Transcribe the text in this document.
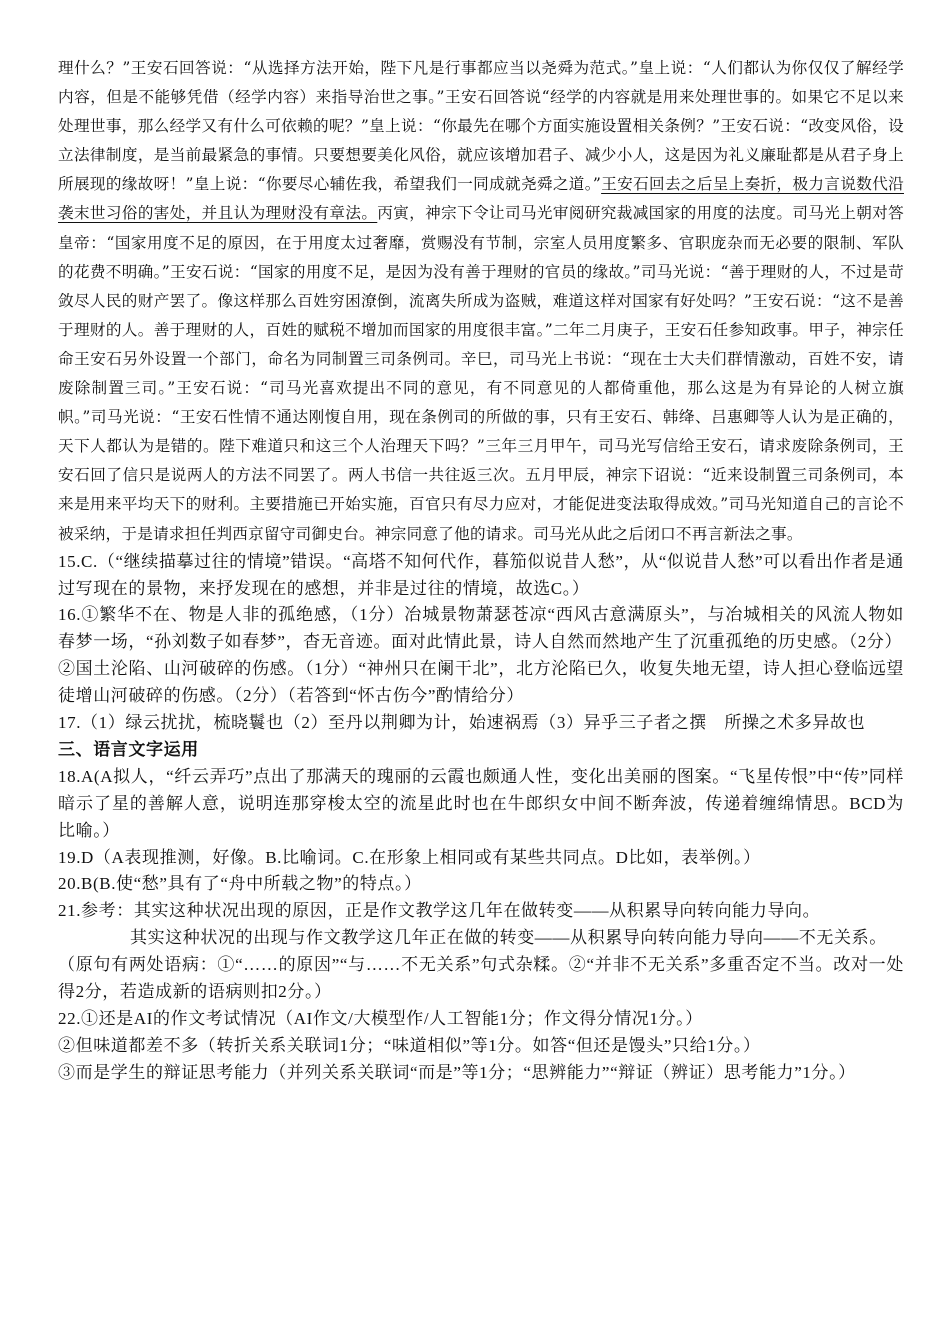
理什么？”王安石回答说：“从选择方法开始，陛下凡是行事都应当以尧舜为范式。”皇上说：“人们都认为你仅仅了解经学内容，但是不能够凭借（经学内容）来指导治世之事。”王安石回答说“经学的内容就是用来处理世事的。如果它不足以来处理世事，那么经学又有什么可依赖的呢？”皇上说：“你最先在哪个方面实施设置相关条例？”王安石说：“改变风俗，设立法律制度，是当前最紧急的事情。只要想要美化风俗，就应该增加君子、减少小人，这是因为礼义廉耻都是从君子身上所展现的缘故呀！”皇上说：“你要尽心辅佐我，希望我们一同成就尧舜之道。”王安石回去之后呈上奏折，极力言说数代沿袭末世习俗的害处，并且认为理财没有章法。丙寅，神宗下令让司马光审阅研究裁减国家的用度的法度。司马光上朝对答皇帝：“国家用度不足的原因，在于用度太过奢靡，赏赐没有节制，宗室人员用度繁多、官职庞杂而无必要的限制、军队的花费不明确。”王安石说：“国家的用度不足，是因为没有善于理财的官员的缘故。”司马光说：“善于理财的人，不过是苛敛尽人民的财产罢了。像这样那么百姓穷困潦倒，流离失所成为盗贼，难道这样对国家有好处吗？”王安石说：“这不是善于理财的人。善于理财的人，百姓的赋税不增加而国家的用度很丰富。”二年二月庚子，王安石任参知政事。甲子，神宗任命王安石另外设置一个部门，命名为同制置三司条例司。辛巳，司马光上书说：“现在士大夫们群情激动，百姓不安，请废除制置三司。”王安石说：“司马光喜欢提出不同的意见，有不同意见的人都倚重他，那么这是为有异论的人树立旗帜。”司马光说：“王安石性情不通达刚愎自用，现在条例司的所做的事，只有王安石、韩绛、吕惠卿等人认为是正确的，天下人都认为是错的。陛下难道只和这三个人治理天下吗？”三年三月甲午，司马光写信给王安石，请求废除条例司，王安石回了信只是说两人的方法不同罢了。两人书信一共往返三次。五月甲辰，神宗下诏说：“近来设制置三司条例司，本来是用来平均天下的财利。主要措施已开始实施，百官只有尽力应对，才能促进变法取得成效。”司马光知道自己的言论不被采纳，于是请求担任判西京留守司御史台。神宗同意了他的请求。司马光从此之后闭口不再言新法之事。

15.C.（“继续描摹过往的情境”错误。“高塔不知何代作，暮笳似说昔人愁”，从“似说昔人愁”可以看出作者是通过写现在的景物，来抒发现在的感想，并非是过往的情境，故选C。）

16.①繁华不在、物是人非的孤绝感，（1分）冶城景物萧瑟苍凉“西风古意满原头”，与冶城相关的风流人物如春梦一场，“孙刘数子如春梦”，杳无音迹。面对此情此景，诗人自然而然地产生了沉重孤绝的历史感。（2分）

②国土沦陷、山河破碎的伤感。（1分）“神州只在阑干北”，北方沦陷已久，收复失地无望，诗人担心登临远望徒增山河破碎的伤感。（2分）（若答到“怀古伤今”酌情给分）

17.（1）绿云扰扰，梳晓鬟也（2）至丹以荆卿为计，始速祸焉（3）异乎三子者之撰　所操之术多异故也

三、语言文字运用

18.A(A拟人，“纤云弄巧”点出了那满天的瑰丽的云霞也颇通人性，变化出美丽的图案。“飞星传恨”中“传”同样暗示了星的善解人意，说明连那穿梭太空的流星此时也在牛郎织女中间不断奔波，传递着缠绵情思。BCD为比喻。）

19.D（A表现推测，好像。B.比喻词。C.在形象上相同或有某些共同点。D比如，表举例。）

20.B(B.使“愁”具有了“舟中所载之物”的特点。）

21.参考：其实这种状况出现的原因，正是作文教学这几年在做转变——从积累导向转向能力导向。

其实这种状况的出现与作文教学这几年正在做的转变——从积累导向转向能力导向——不无关系。

（原句有两处语病：①“……的原因”“与……不无关系”句式杂糅。②“并非不无关系”多重否定不当。改对一处得2分，若造成新的语病则扣2分。）

22.①还是AI的作文考试情况（AI作文/大模型作/人工智能1分；作文得分情况1分。）

②但味道都差不多（转折关系关联词1分；“味道相似”等1分。如答“但还是馒头”只给1分。）

③而是学生的辩证思考能力（并列关系关联词“而是”等1分；“思辨能力”“辩证（辨证）思考能力”1分。）
